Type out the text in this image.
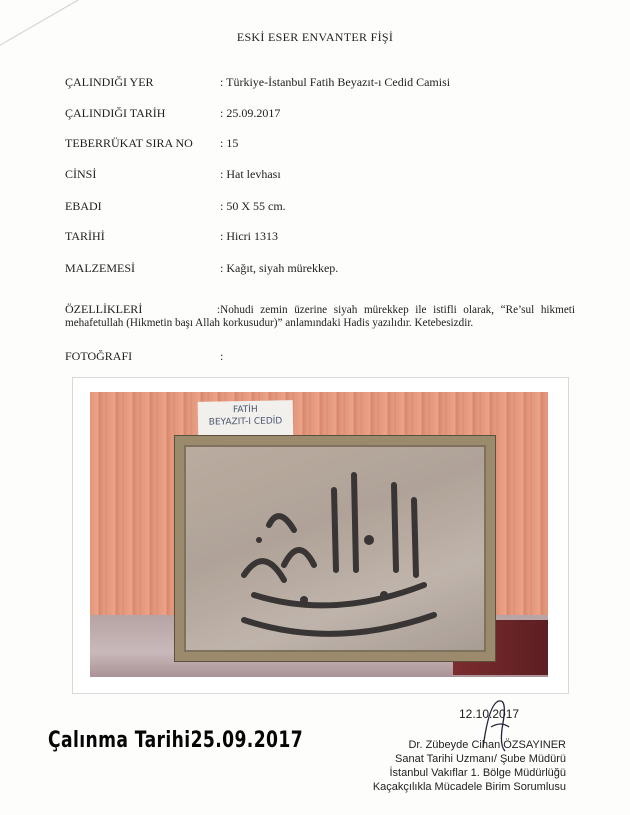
ESKİ ESER ENVANTER FİŞİ
ÇALINDIĞI YER	: Türkiye-İstanbul Fatih Beyazıt-ı Cedid Camisi
ÇALINDIĞI TARİH	: 25.09.2017
TEBERRÜKAT SIRA NO : 15
CİNSİ	: Hat levhası
EBADI	: 50 X 55 cm.
TARİHİ	: Hicri 1313
MALZEMESİ	: Kağıt, siyah mürekkep.
ÖZELLİKLERİ	:Nohudi zemin üzerine siyah mürekkep ile istifli olarak, “Re’sul hikmeti mehafetullah (Hikmetin başı Allah korkusudur)” anlamındaki Hadis yazılıdır. Ketebesizdir.
FOTOĞRAFI	:
FATİH
BEYAZIT-I CEDİD
12.10.2017
Dr. Zübeyde Cihan ÖZSAYINER
Sanat Tarihi Uzmanı/ Şube Müdürü
İstanbul Vakıflar 1. Bölge Müdürlüğü
Kaçakçılıkla Mücadele Birim Sorumlusu
Çalınma Tarihi25.09.2017
